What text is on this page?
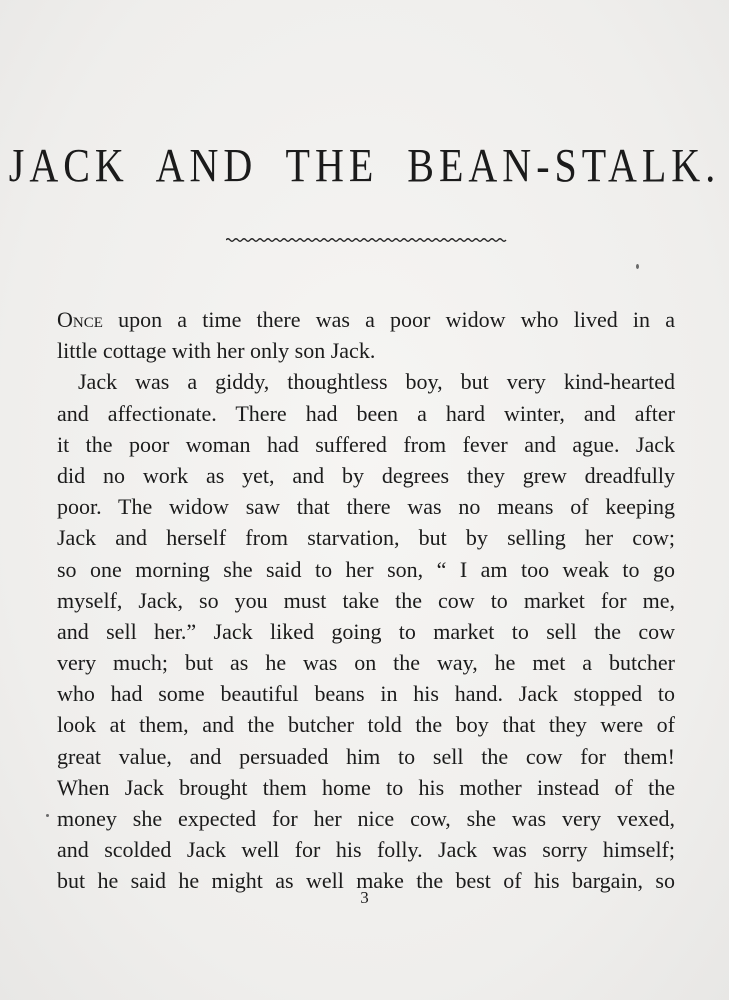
JACK AND THE BEAN-STALK.
Once upon a time there was a poor widow who lived in a
little cottage with her only son Jack.
Jack was a giddy, thoughtless boy, but very kind-hearted
and affectionate. There had been a hard winter, and after
it the poor woman had suffered from fever and ague. Jack
did no work as yet, and by degrees they grew dreadfully
poor. The widow saw that there was no means of keeping
Jack and herself from starvation, but by selling her cow;
so one morning she said to her son, “ I am too weak to go
myself, Jack, so you must take the cow to market for me,
and sell her.” Jack liked going to market to sell the cow
very much; but as he was on the way, he met a butcher
who had some beautiful beans in his hand. Jack stopped to
look at them, and the butcher told the boy that they were of
great value, and persuaded him to sell the cow for them!
When Jack brought them home to his mother instead of the
money she expected for her nice cow, she was very vexed,
and scolded Jack well for his folly. Jack was sorry himself;
but he said he might as well make the best of his bargain, so
3
